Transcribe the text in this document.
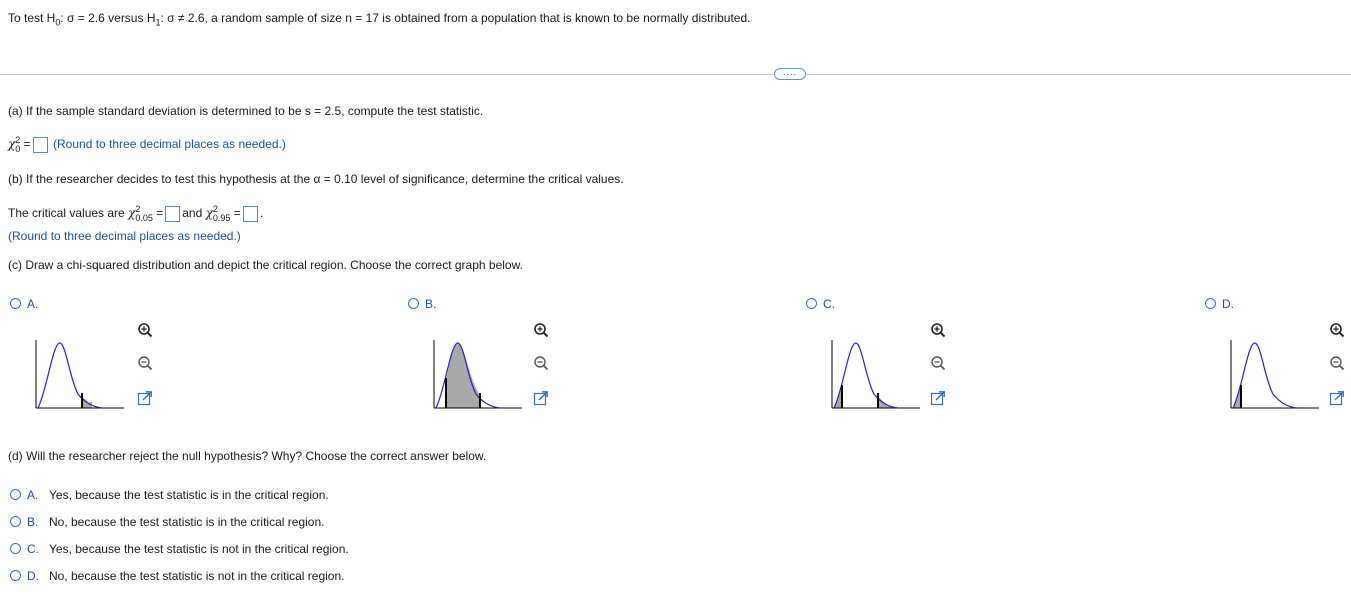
To test $H_0$: σ = 2.6 versus $H_1$: σ ≠ 2.6, a random sample of size n = 17 is obtained from a population that is known to be normally distributed.
....
(a) If the sample standard deviation is determined to be s = 2.5, compute the test statistic.
$\chi^2_0$ = (Round to three decimal places as needed.)
(b) If the researcher decides to test this hypothesis at the α = 0.10 level of significance, determine the critical values.
The critical values are $\chi^2_{0.05}$ = and $\chi^2_{0.95}$ = .
(Round to three decimal places as needed.)
(c) Draw a chi-squared distribution and depict the critical region. Choose the correct graph below.
A.	B.	C.	D.
(d) Will the researcher reject the null hypothesis? Why? Choose the correct answer below.
A. Yes, because the test statistic is in the critical region.
B. No, because the test statistic is in the critical region.
C. Yes, because the test statistic is not in the critical region.
D. No, because the test statistic is not in the critical region.
